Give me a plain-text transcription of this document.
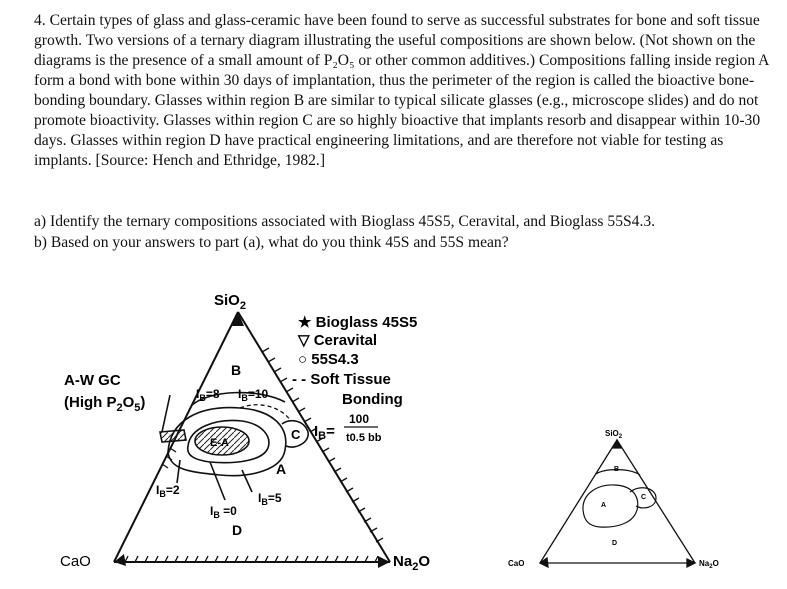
4. Certain types of glass and glass-ceramic have been found to serve as successful substrates for bone and soft tissue growth. Two versions of a ternary diagram illustrating the useful compositions are shown below. (Not shown on the diagrams is the presence of a small amount of P₂O₅ or other common additives.) Compositions falling inside region A form a bond with bone within 30 days of implantation, thus the perimeter of the region is called the bioactive bone-bonding boundary. Glasses within region B are similar to typical silicate glasses (e.g., microscope slides) and do not promote bioactivity. Glasses within region C are so highly bioactive that implants resorb and disappear within 10-30 days. Glasses within region D have practical engineering limitations, and are therefore not viable for testing as implants. [Source: Hench and Ethridge, 1982.]

a) Identify the ternary compositions associated with Bioglass 45S5, Ceravital, and Bioglass 55S4.3.

b) Based on your answers to part (a), what do you think 45S and 55S mean?

SiO$_2$
CaO	$Na_2O$
A-W GC
(High $P_2O_5$)
B
A
C
D
E-A
$I_B=8$ $I_B=10$
$I_B=2$
$I_B =0$
$I_B=5$
★ Bioglass 45S5
▽ Ceravital
○ 55S4.3
- - Soft Tissue
Bonding
$I_B=$
100
t0.5 bb	SiO$_2$
CaO	$Na_2O$
B
A
C
D
